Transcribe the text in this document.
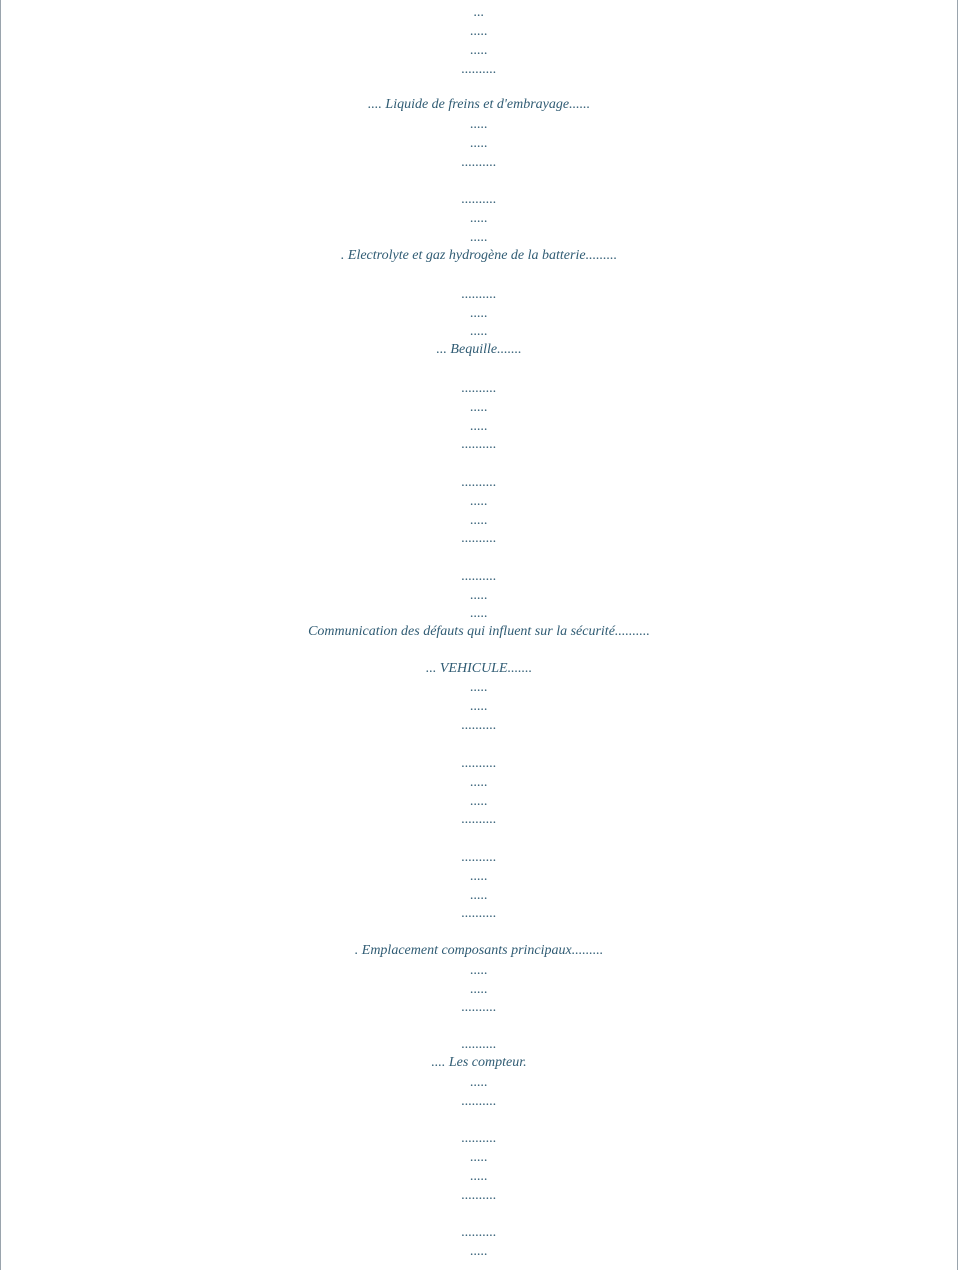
...
.....
.....
..........
.... Liquide de freins et d'embrayage......
.....
.....
..........
..........
.....
.....
. Electrolyte et gaz hydrogène de la batterie.........
..........
.....
.....
... Bequille.......
..........
.....
.....
..........
..........
.....
.....
..........
..........
.....
.....
Communication des défauts qui influent sur la sécurité..........
... VEHICULE.......
.....
.....
..........
..........
.....
.....
..........
..........
.....
.....
..........
. Emplacement composants principaux.........
.....
.....
..........
..........
.... Les compteur.
.....
..........
..........
.....
.....
..........
..........
.....
